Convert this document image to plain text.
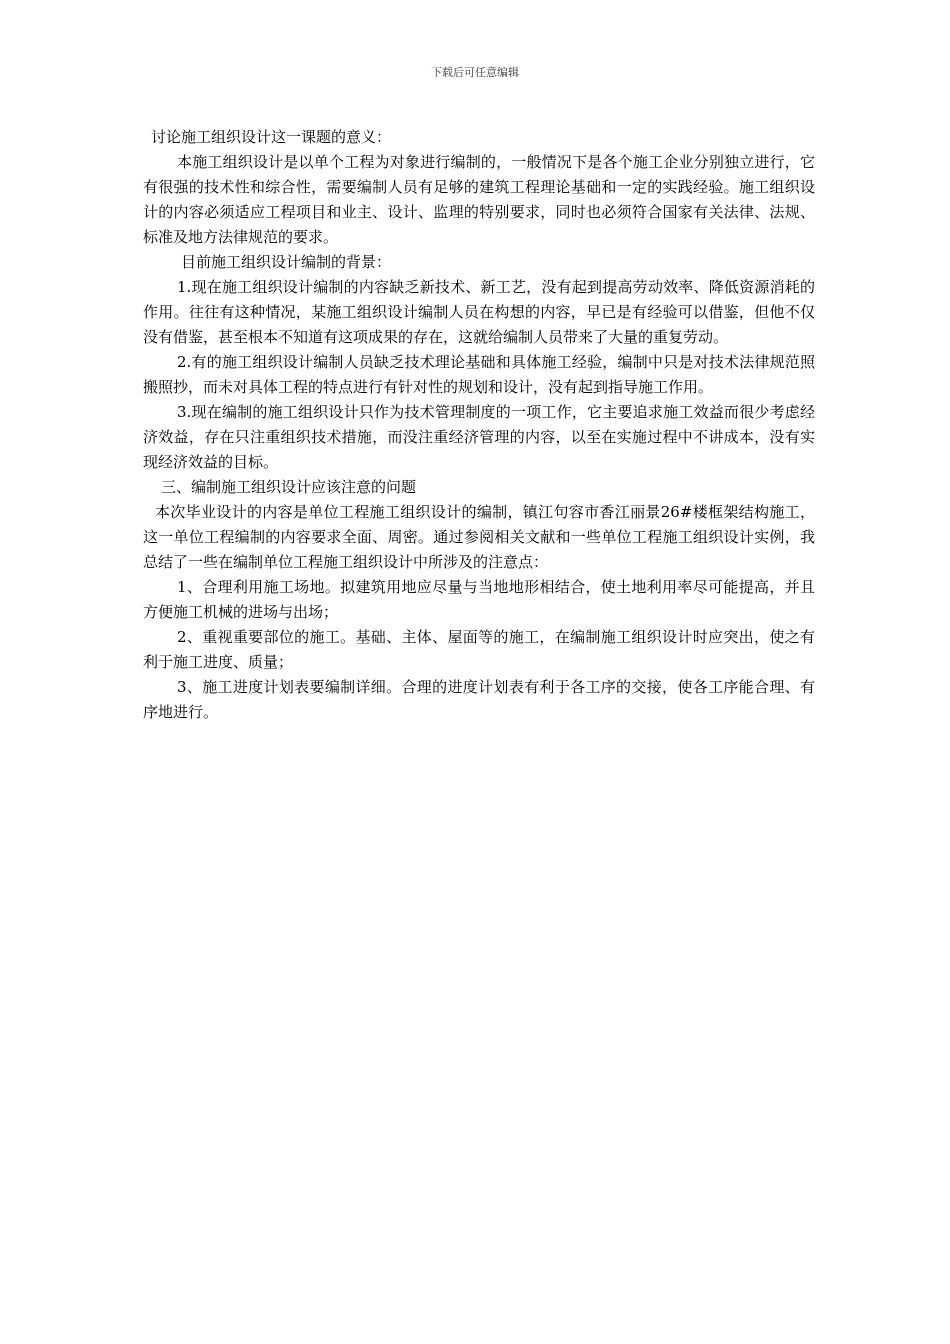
下载后可任意编辑

讨论施工组织设计这一课题的意义：

本施工组织设计是以单个工程为对象进行编制的，一般情况下是各个施工企业分别独立进行，它有很强的技术性和综合性，需要编制人员有足够的建筑工程理论基础和一定的实践经验。施工组织设计的内容必须适应工程项目和业主、设计、监理的特别要求，同时也必须符合国家有关法律、法规、标准及地方法律规范的要求。

目前施工组织设计编制的背景：

1.现在施工组织设计编制的内容缺乏新技术、新工艺，没有起到提高劳动效率、降低资源消耗的作用。往往有这种情况，某施工组织设计编制人员在构想的内容，早已是有经验可以借鉴，但他不仅没有借鉴，甚至根本不知道有这项成果的存在，这就给编制人员带来了大量的重复劳动。

2.有的施工组织设计编制人员缺乏技术理论基础和具体施工经验，编制中只是对技术法律规范照搬照抄，而未对具体工程的特点进行有针对性的规划和设计，没有起到指导施工作用。

3.现在编制的施工组织设计只作为技术管理制度的一项工作，它主要追求施工效益而很少考虑经济效益，存在只注重组织技术措施，而没注重经济管理的内容，以至在实施过程中不讲成本，没有实现经济效益的目标。

三、编制施工组织设计应该注意的问题

本次毕业设计的内容是单位工程施工组织设计的编制，镇江句容市香江丽景26#楼框架结构施工，这一单位工程编制的内容要求全面、周密。通过参阅相关文献和一些单位工程施工组织设计实例，我总结了一些在编制单位工程施工组织设计中所涉及的注意点：

1、合理利用施工场地。拟建筑用地应尽量与当地地形相结合，使土地利用率尽可能提高，并且方便施工机械的进场与出场；

2、重视重要部位的施工。基础、主体、屋面等的施工，在编制施工组织设计时应突出，使之有利于施工进度、质量；

3、施工进度计划表要编制详细。合理的进度计划表有利于各工序的交接，使各工序能合理、有序地进行。
